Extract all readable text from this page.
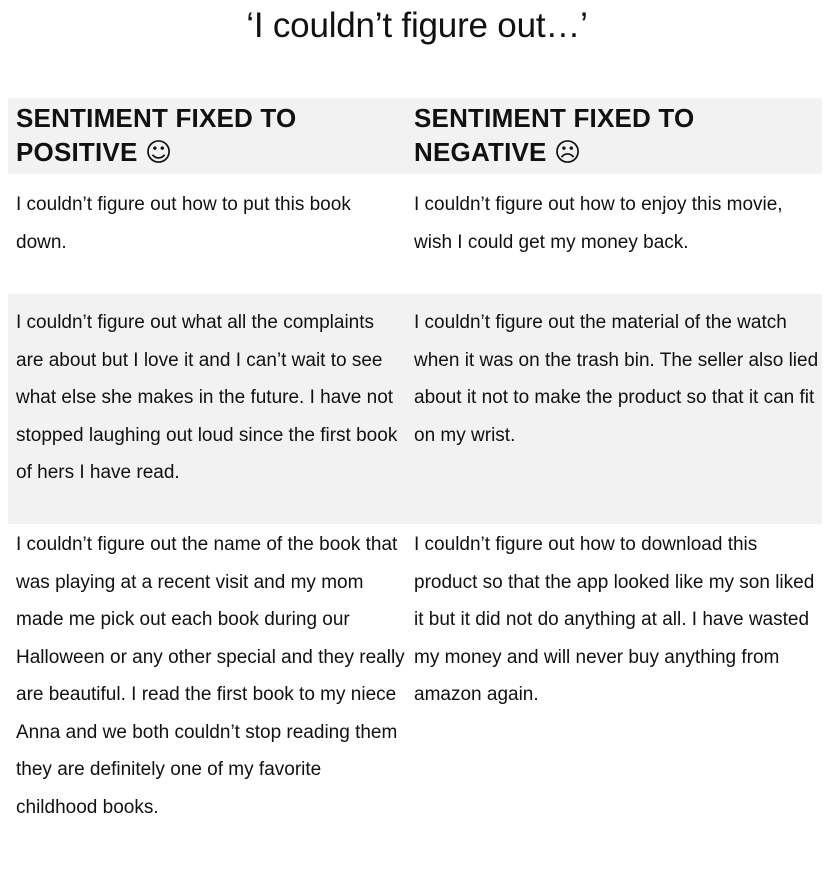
‘I couldn’t figure out…’
SENTIMENT FIXED TO POSITIVE ☺
SENTIMENT FIXED TO NEGATIVE ☹
I couldn’t figure out how to put this book down.
I couldn’t figure out how to enjoy this movie, wish I could get my money back.
I couldn’t figure out what all the complaints are about but I love it and I can’t wait to see what else she makes in the future. I have not stopped laughing out loud since the first book of hers I have read.
I couldn’t figure out the material of the watch when it was on the trash bin. The seller also lied about it not to make the product so that it can fit on my wrist.
I couldn’t figure out the name of the book that was playing at a recent visit and my mom made me pick out each book during our Halloween or any other special and they really are beautiful. I read the first book to my niece Anna and we both couldn’t stop reading them they are definitely one of my favorite childhood books.
I couldn’t figure out how to download this product so that the app looked like my son liked it but it did not do anything at all. I have wasted my money and will never buy anything from amazon again.
